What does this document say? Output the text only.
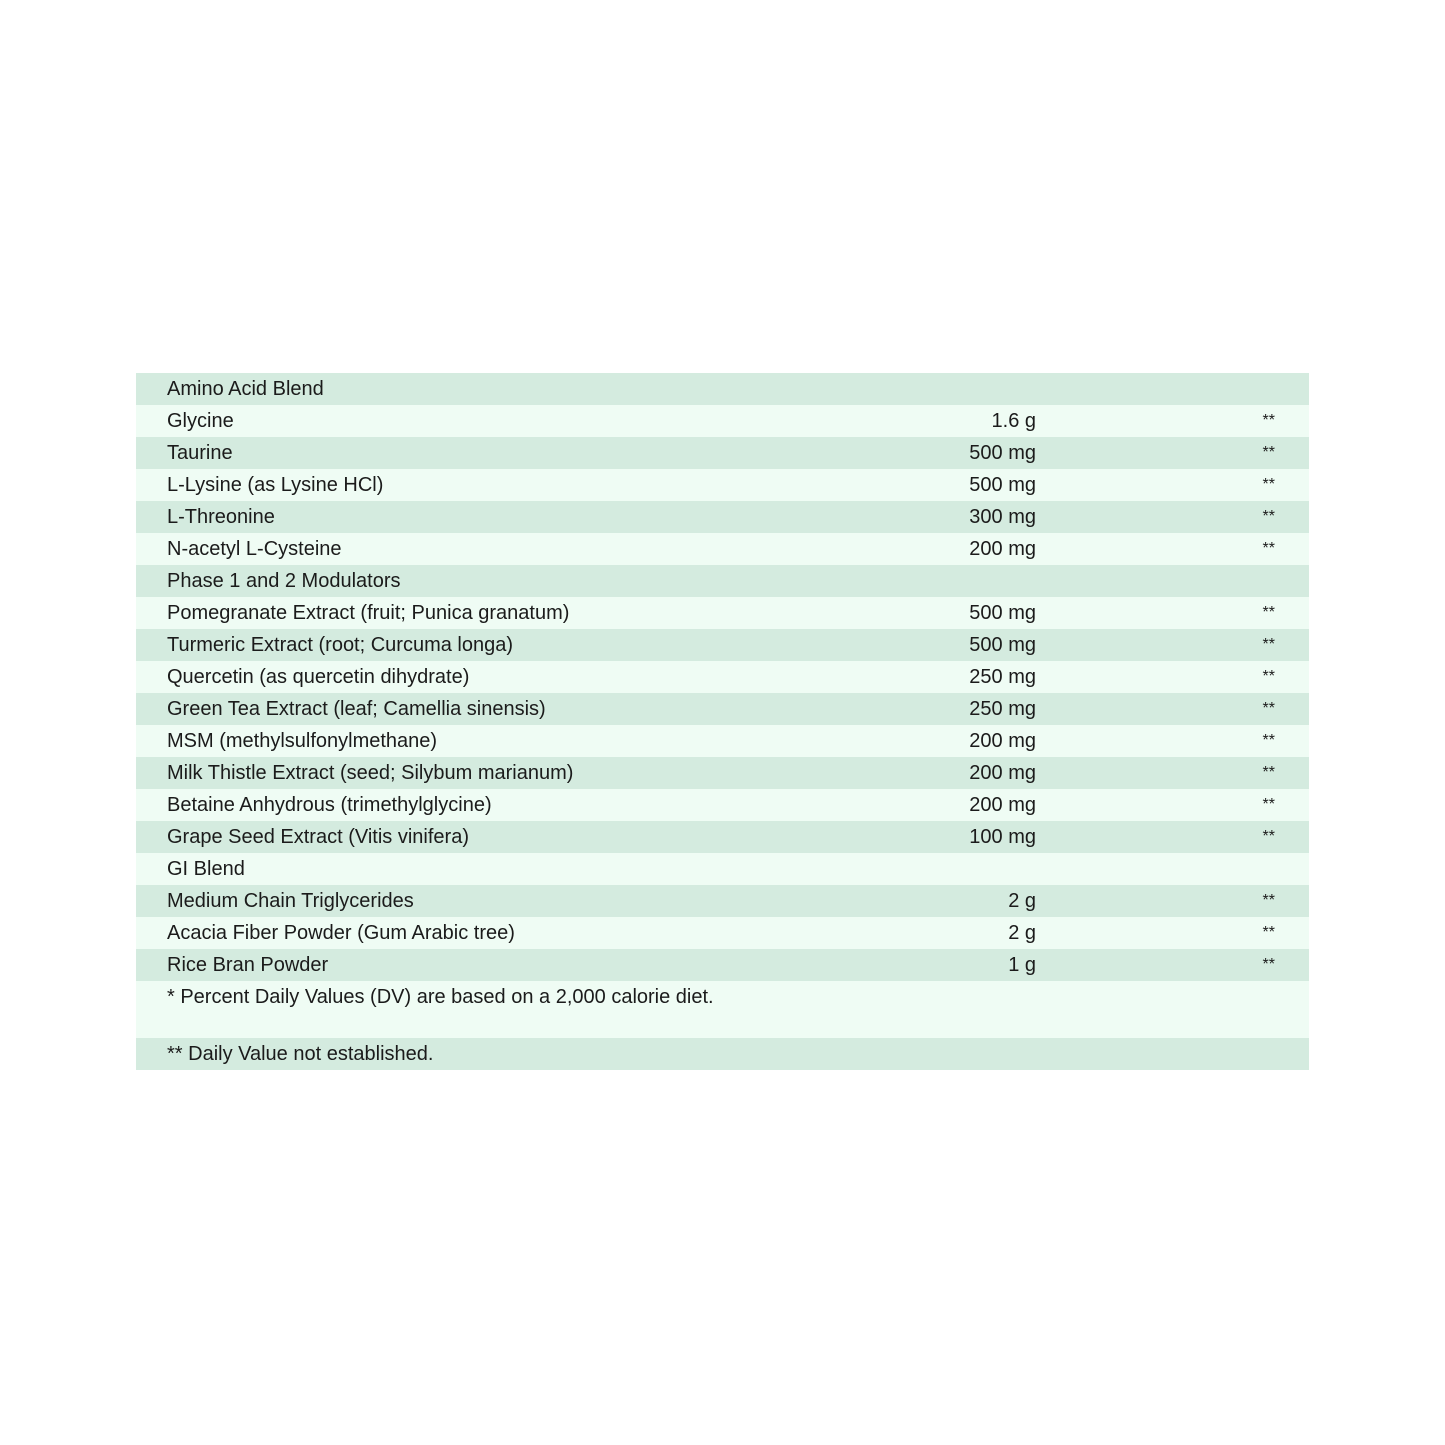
Amino Acid Blend
Glycine	1.6 g	**
Taurine	500 mg	**
L-Lysine (as Lysine HCl)	500 mg	**
L-Threonine	300 mg	**
N-acetyl L-Cysteine	200 mg	**
Phase 1 and 2 Modulators
Pomegranate Extract (fruit; Punica granatum)	500 mg	**
Turmeric Extract (root; Curcuma longa)	500 mg	**
Quercetin (as quercetin dihydrate)	250 mg	**
Green Tea Extract (leaf; Camellia sinensis)	250 mg	**
MSM (methylsulfonylmethane)	200 mg	**
Milk Thistle Extract (seed; Silybum marianum)	200 mg	**
Betaine Anhydrous (trimethylglycine)	200 mg	**
Grape Seed Extract (Vitis vinifera)	100 mg	**
GI Blend
Medium Chain Triglycerides	2 g	**
Acacia Fiber Powder (Gum Arabic tree)	2 g	**
Rice Bran Powder	1 g	**
* Percent Daily Values (DV) are based on a 2,000 calorie diet.
** Daily Value not established.
